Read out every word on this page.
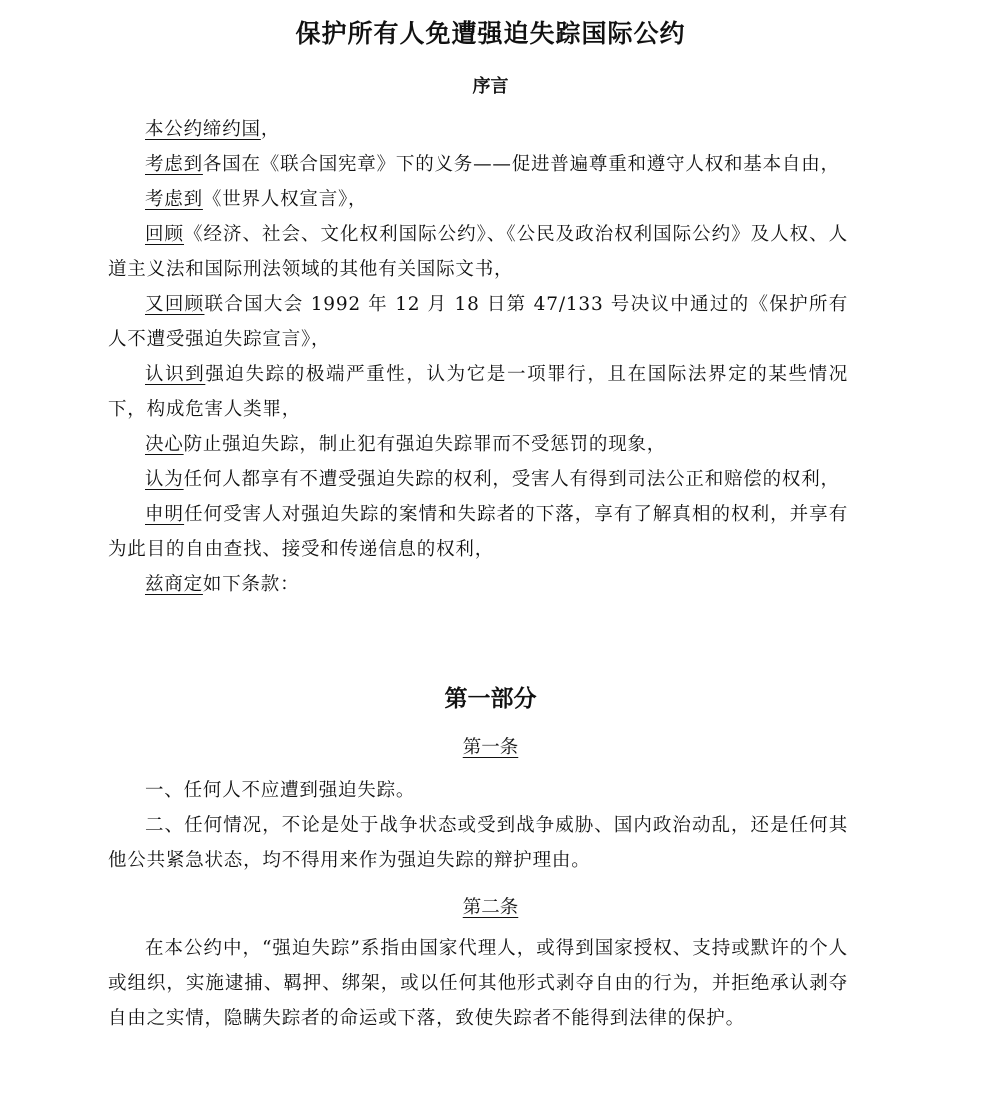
保护所有人免遭强迫失踪国际公约
序言

本公约缔约国，

考虑到各国在《联合国宪章》下的义务——促进普遍尊重和遵守人权和基本自由，

考虑到《世界人权宣言》，

回顾《经济、社会、文化权利国际公约》、《公民及政治权利国际公约》及人权、人道主义法和国际刑法领域的其他有关国际文书，

又回顾联合国大会 1992 年 12 月 18 日第 47/133 号决议中通过的《保护所有人不遭受强迫失踪宣言》，

认识到强迫失踪的极端严重性，认为它是一项罪行，且在国际法界定的某些情况下，构成危害人类罪，

决心防止强迫失踪，制止犯有强迫失踪罪而不受惩罚的现象，

认为任何人都享有不遭受强迫失踪的权利，受害人有得到司法公正和赔偿的权利，

申明任何受害人对强迫失踪的案情和失踪者的下落，享有了解真相的权利，并享有为此目的自由查找、接受和传递信息的权利，

兹商定如下条款：

第一部分
第一条

一、任何人不应遭到强迫失踪。

二、任何情况，不论是处于战争状态或受到战争威胁、国内政治动乱，还是任何其他公共紧急状态，均不得用来作为强迫失踪的辩护理由。

第二条

在本公约中，“强迫失踪”系指由国家代理人，或得到国家授权、支持或默许的个人或组织，实施逮捕、羁押、绑架，或以任何其他形式剥夺自由的行为，并拒绝承认剥夺自由之实情，隐瞒失踪者的命运或下落，致使失踪者不能得到法律的保护。
